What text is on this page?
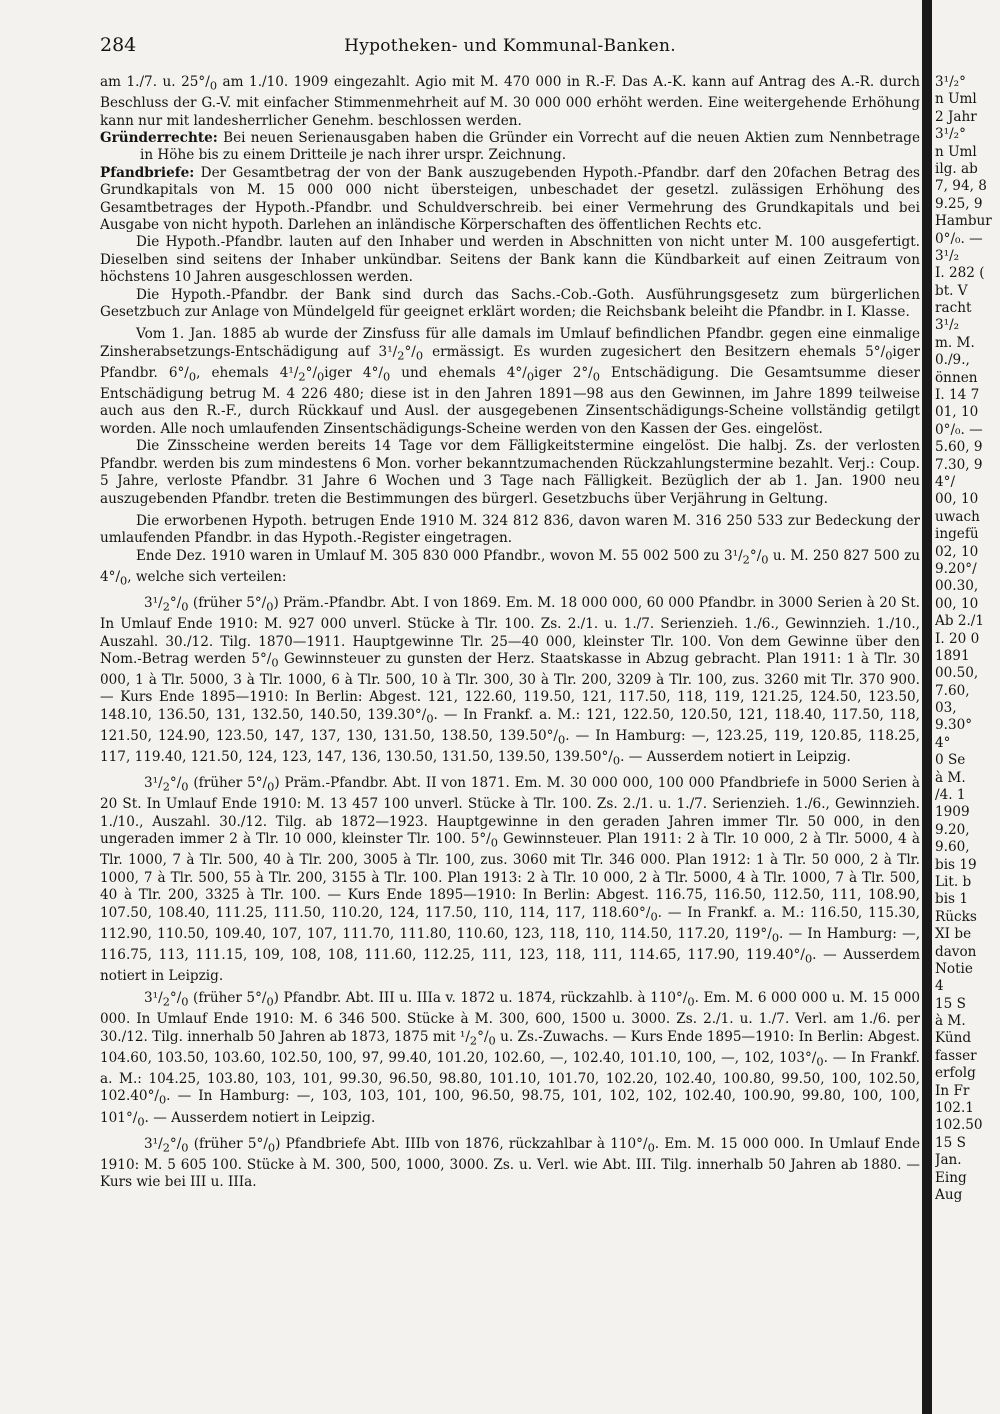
284	Hypotheken- und Kommunal-Banken.

am 1./7. u. $25^\circ/_0$ am 1./10. 1909 eingezahlt. Agio mit M. 470 000 in R.-F. Das A.-K. kann auf Antrag des A.-R. durch Beschluss der G.-V. mit einfacher Stimmenmehrheit auf M. 30 000 000 erhöht werden. Eine weitergehende Erhöhung kann nur mit landesherrlicher Genehm. beschlossen werden.

Gründerrechte: Bei neuen Serienausgaben haben die Gründer ein Vorrecht auf die neuen Aktien zum Nennbetrage in Höhe bis zu einem Dritteile je nach ihrer urspr. Zeichnung.

Pfandbriefe: Der Gesamtbetrag der von der Bank auszugebenden Hypoth.-Pfandbr. darf den 20fachen Betrag des Grundkapitals von M. 15 000 000 nicht übersteigen, unbeschadet der gesetzl. zulässigen Erhöhung des Gesamtbetrages der Hypoth.-Pfandbr. und Schuldverschreib. bei einer Vermehrung des Grundkapitals und bei Ausgabe von nicht hypoth. Darlehen an inländische Körperschaften des öffentlichen Rechts etc.

Die Hypoth.-Pfandbr. lauten auf den Inhaber und werden in Abschnitten von nicht unter M. 100 ausgefertigt. Dieselben sind seitens der Inhaber unkündbar. Seitens der Bank kann die Kündbarkeit auf einen Zeitraum von höchstens 10 Jahren ausgeschlossen werden.

Die Hypoth.-Pfandbr. der Bank sind durch das Sachs.-Cob.-Goth. Ausführungsgesetz zum bürgerlichen Gesetzbuch zur Anlage von Mündelgeld für geeignet erklärt worden; die Reichsbank beleiht die Pfandbr. in I. Klasse.

Vom 1. Jan. 1885 ab wurde der Zinsfuss für alle damals im Umlauf befindlichen Pfandbr. gegen eine einmalige Zinsherabsetzungs-Entschädigung auf $3^1/_2^\circ/_0$ ermässigt. Es wurden zugesichert den Besitzern ehemals $5^\circ/_0iger$ Pfandbr. $6^\circ/_0$, ehemals $4^1/_2^\circ/_0iger$ $4^\circ/_0$ und ehemals $4^\circ/_0iger$ $2^\circ/_0$ Entschädigung. Die Gesamtsumme dieser Entschädigung betrug M. 4 226 480; diese ist in den Jahren 1891—98 aus den Gewinnen, im Jahre 1899 teilweise auch aus den R.-F., durch Rückkauf und Ausl. der ausgegebenen Zinsentschädigungs-Scheine vollständig getilgt worden. Alle noch umlaufenden Zinsentschädigungs-Scheine werden von den Kassen der Ges. eingelöst.

Die Zinsscheine werden bereits 14 Tage vor dem Fälligkeitstermine eingelöst. Die halbj. Zs. der verlosten Pfandbr. werden bis zum mindestens 6 Mon. vorher bekanntzumachenden Rückzahlungstermine bezahlt. Verj.: Coup. 5 Jahre, verloste Pfandbr. 31 Jahre 6 Wochen und 3 Tage nach Fälligkeit. Bezüglich der ab 1. Jan. 1900 neu auszugebenden Pfandbr. treten die Bestimmungen des bürgerl. Gesetzbuchs über Verjährung in Geltung.

Die erworbenen Hypoth. betrugen Ende 1910 M. 324 812 836, davon waren M. 316 250 533 zur Bedeckung der umlaufenden Pfandbr. in das Hypoth.-Register eingetragen.

Ende Dez. 1910 waren in Umlauf M. 305 830 000 Pfandbr., wovon M. 55 002 500 zu $3^1/_2^\circ/_0$ u. M. 250 827 500 zu $4^\circ/_0$, welche sich verteilen:

$3^1/_2^\circ/_0$ (früher $5^\circ/_0$) Präm.-Pfandbr. Abt. I von 1869. Em. M. 18 000 000, 60 000 Pfandbr. in 3000 Serien à 20 St. In Umlauf Ende 1910: M. 927 000 unverl. Stücke à Tlr. 100. Zs. 2./1. u. 1./7. Serienzieh. 1./6., Gewinnzieh. 1./10., Auszahl. 30./12. Tilg. 1870—1911. Hauptgewinne Tlr. 25—40 000, kleinster Tlr. 100. Von dem Gewinne über den Nom.-Betrag werden $5^\circ/_0$ Gewinnsteuer zu gunsten der Herz. Staatskasse in Abzug gebracht. Plan 1911: 1 à Tlr. 30 000, 1 à Tlr. 5000, 3 à Tlr. 1000, 6 à Tlr. 500, 10 à Tlr. 300, 30 à Tlr. 200, 3209 à Tlr. 100, zus. 3260 mit Tlr. 370 900. — Kurs Ende 1895—1910: In Berlin: Abgest. 121, 122.60, 119.50, 121, 117.50, 118, 119, 121.25, 124.50, 123.50, 148.10, 136.50, 131, 132.50, 140.50, $139.30^\circ/_0$. — In Frankf. a. M.: 121, 122.50, 120.50, 121, 118.40, 117.50, 118, 121.50, 124.90, 123.50, 147, 137, 130, 131.50, 138.50, $139.50^\circ/_0$. — In Hamburg: —, 123.25, 119, 120.85, 118.25, 117, 119.40, 121.50, 124, 123, 147, 136, 130.50, 131.50, 139.50, $139.50^\circ/_0$. — Ausserdem notiert in Leipzig.

$3^1/_2^\circ/_0$ (früher $5^\circ/_0$) Präm.-Pfandbr. Abt. II von 1871. Em. M. 30 000 000, 100 000 Pfandbriefe in 5000 Serien à 20 St. In Umlauf Ende 1910: M. 13 457 100 unverl. Stücke à Tlr. 100. Zs. 2./1. u. 1./7. Serienzieh. 1./6., Gewinnzieh. 1./10., Auszahl. 30./12. Tilg. ab 1872—1923. Hauptgewinne in den geraden Jahren immer Tlr. 50 000, in den ungeraden immer 2 à Tlr. 10 000, kleinster Tlr. 100. $5^\circ/_0$ Gewinnsteuer. Plan 1911: 2 à Tlr. 10 000, 2 à Tlr. 5000, 4 à Tlr. 1000, 7 à Tlr. 500, 40 à Tlr. 200, 3005 à Tlr. 100, zus. 3060 mit Tlr. 346 000. Plan 1912: 1 à Tlr. 50 000, 2 à Tlr. 1000, 7 à Tlr. 500, 55 à Tlr. 200, 3155 à Tlr. 100. Plan 1913: 2 à Tlr. 10 000, 2 à Tlr. 5000, 4 à Tlr. 1000, 7 à Tlr. 500, 40 à Tlr. 200, 3325 à Tlr. 100. — Kurs Ende 1895—1910: In Berlin: Abgest. 116.75, 116.50, 112.50, 111, 108.90, 107.50, 108.40, 111.25, 111.50, 110.20, 124, 117.50, 110, 114, 117, $118.60^\circ/_0$. — In Frankf. a. M.: 116.50, 115.30, 112.90, 110.50, 109.40, 107, 107, 111.70, 111.80, 110.60, 123, 118, 110, 114.50, 117.20, $119^\circ/_0$. — In Hamburg: —, 116.75, 113, 111.15, 109, 108, 108, 111.60, 112.25, 111, 123, 118, 111, 114.65, 117.90, $119.40^\circ/_0$. — Ausserdem notiert in Leipzig.

$3^1/_2^\circ/_0$ (früher $5^\circ/_0$) Pfandbr. Abt. III u. IIIa v. 1872 u. 1874, rückzahlb. à $110^\circ/_0$. Em. M. 6 000 000 u. M. 15 000 000. In Umlauf Ende 1910: M. 6 346 500. Stücke à M. 300, 600, 1500 u. 3000. Zs. 2./1. u. 1./7. Verl. am 1./6. per 30./12. Tilg. innerhalb 50 Jahren ab 1873, 1875 mit $^1/_2^\circ/_0$ u. Zs.-Zuwachs. — Kurs Ende 1895—1910: In Berlin: Abgest. 104.60, 103.50, 103.60, 102.50, 100, 97, 99.40, 101.20, 102.60, —, 102.40, 101.10, 100, —, 102, $103^\circ/_0$. — In Frankf. a. M.: 104.25, 103.80, 103, 101, 99.30, 96.50, 98.80, 101.10, 101.70, 102.20, 102.40, 100.80, 99.50, 100, 102.50, $102.40^\circ/_0$. — In Hamburg: —, 103, 103, 101, 100, 96.50, 98.75, 101, 102, 102, 102.40, 100.90, 99.80, 100, 100, $101^\circ/_0$. — Ausserdem notiert in Leipzig.

$3^1/_2^\circ/_0$ (früher $5^\circ/_0$) Pfandbriefe Abt. IIIb von 1876, rückzahlbar à $110^\circ/_0$. Em. M. 15 000 000. In Umlauf Ende 1910: M. 5 605 100. Stücke à M. 300, 500, 1000, 3000. Zs. u. Verl. wie Abt. III. Tilg. innerhalb 50 Jahren ab 1880. — Kurs wie bei III u. IIIa.

3¹/₂°
n Uml
2 Jahr
3¹/₂°
n Uml
ilg. ab
7, 94, 8
9.25, 9
Hambur
0°/₀. —
3¹/₂
I. 282 (
bt. V
racht
3¹/₂
m. M.
0./9.,
önnen
I. 14 7
01, 10
0°/₀. —
5.60, 9
7.30, 9
4°/
00, 10
uwach
ingefü
02, 10
9.20°/
00.30,
00, 10
Ab 2./1
I. 20 0
1891
00.50,
7.60,
03,
9.30°
4°
0 Se
à M.
/4. 1
1909
9.20,
9.60,
bis 19
Lit. b
bis 1
Rücks
XI be
davon
Notie
4
15 S
à M.
Künd
fasser
erfolg
In Fr
102.1
102.50
15 S
Jan.
Eing
Aug
